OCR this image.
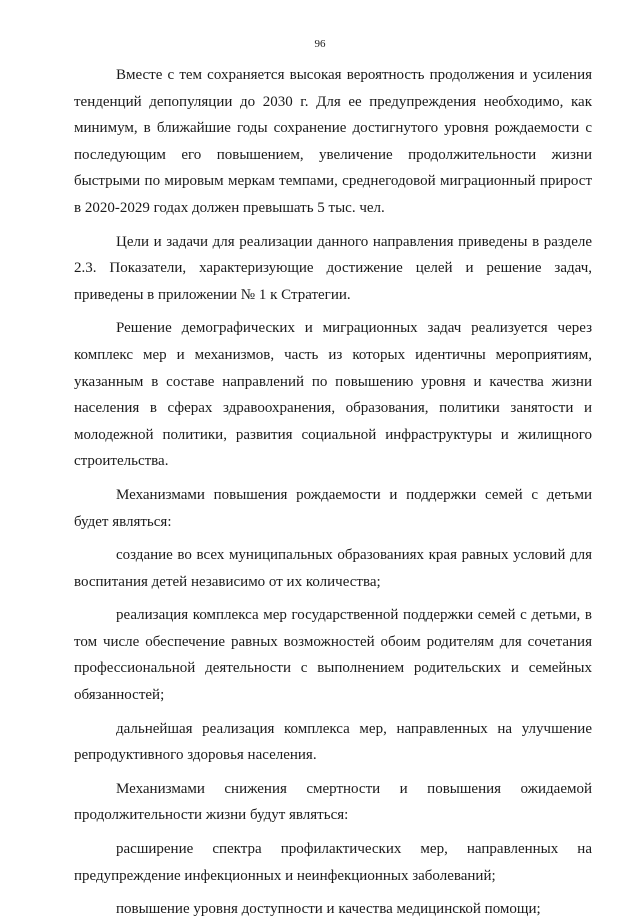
96

Вместе с тем сохраняется высокая вероятность продолжения и усиления тенденций депопуляции до 2030 г. Для ее предупреждения необходимо, как минимум, в ближайшие годы сохранение достигнутого уровня рождаемости с последующим его повышением, увеличение продолжительности жизни быстрыми по мировым меркам темпами, среднегодовой миграционный прирост в 2020-2029 годах должен превышать 5 тыс. чел.

Цели и задачи для реализации данного направления приведены в разделе 2.3. Показатели, характеризующие достижение целей и решение задач, приведены в приложении № 1 к Стратегии.

Решение демографических и миграционных задач реализуется через комплекс мер и механизмов, часть из которых идентичны мероприятиям, указанным в составе направлений по повышению уровня и качества жизни населения в сферах здравоохранения, образования, политики занятости и молодежной политики, развития социальной инфраструктуры и жилищного строительства.

Механизмами повышения рождаемости и поддержки семей с детьми будет являться:

создание во всех муниципальных образованиях края равных условий для воспитания детей независимо от их количества;

реализация комплекса мер государственной поддержки семей с детьми, в том числе обеспечение равных возможностей обоим родителям для сочетания профессиональной деятельности с выполнением родительских и семейных обязанностей;

дальнейшая реализация комплекса мер, направленных на улучшение репродуктивного здоровья населения.

Механизмами снижения смертности и повышения ожидаемой продолжительности жизни будут являться:

расширение спектра профилактических мер, направленных на предупреждение инфекционных и неинфекционных заболеваний;

повышение уровня доступности и качества медицинской помощи;
